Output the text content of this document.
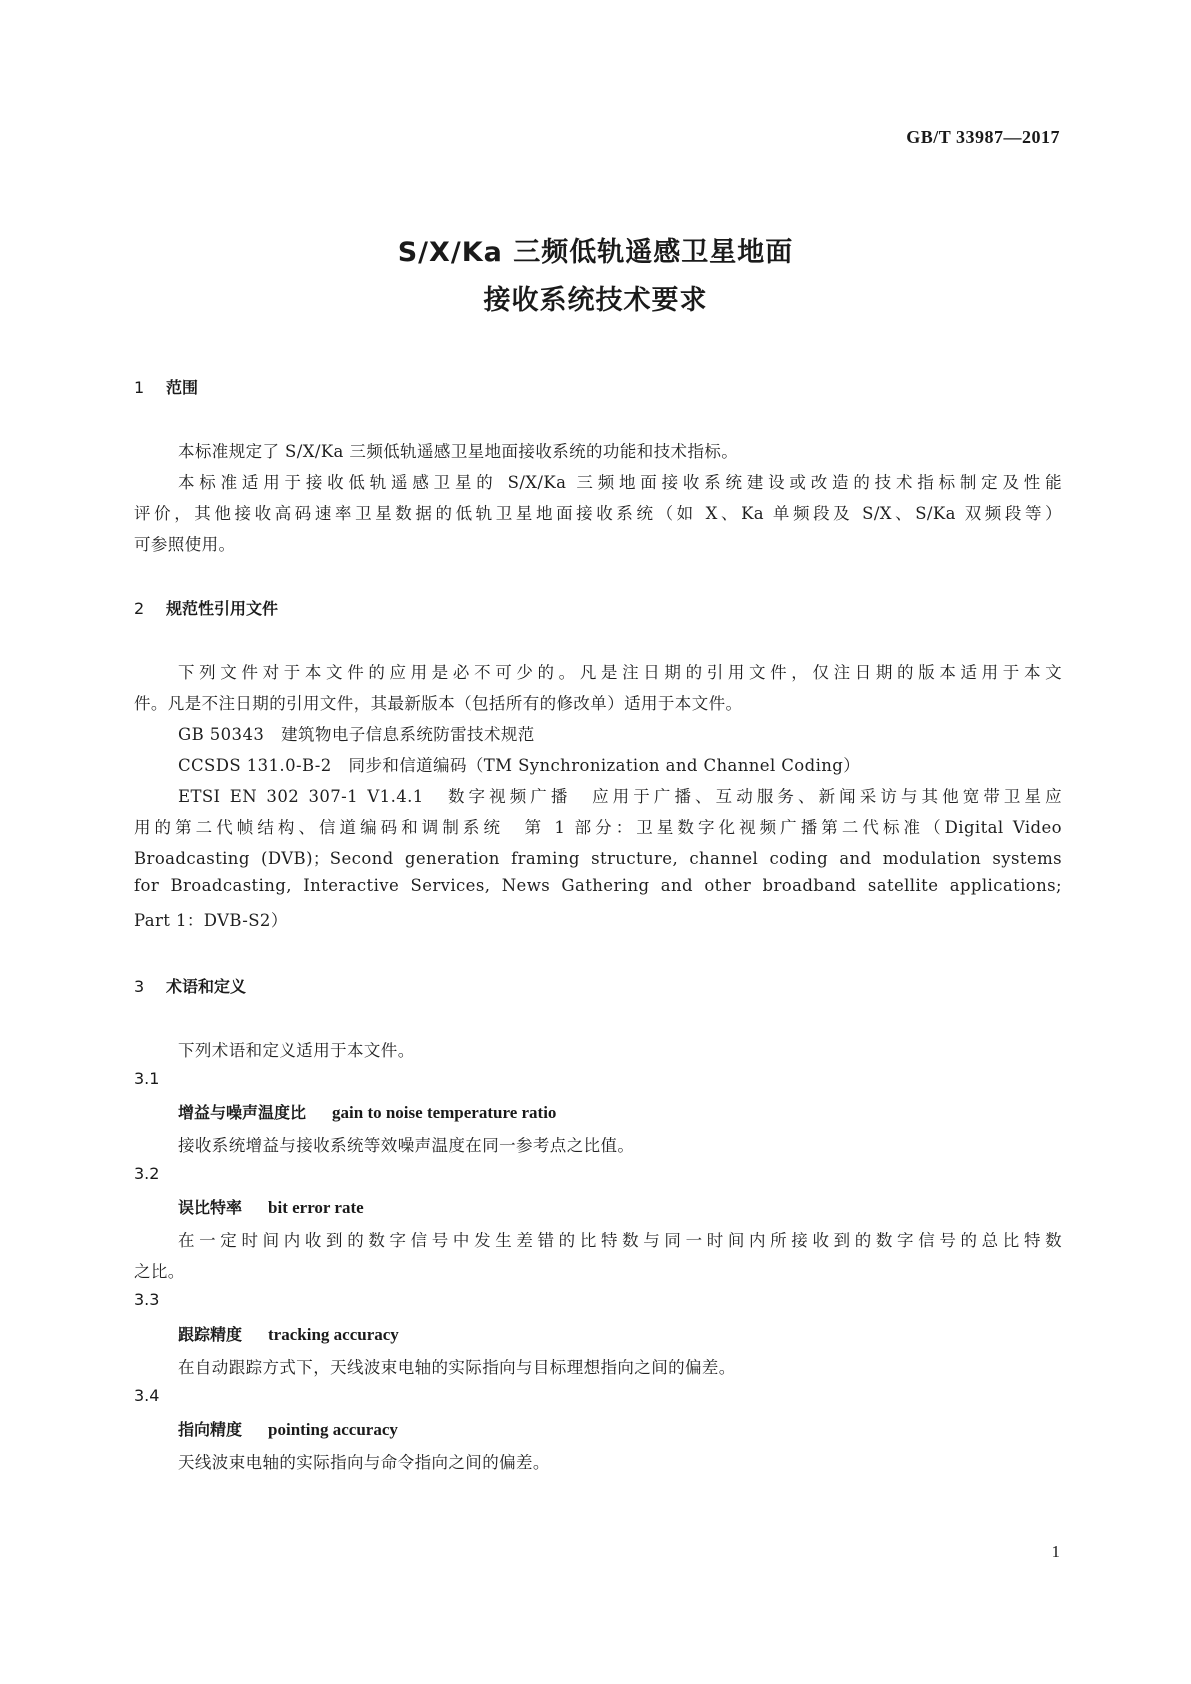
GB/T 33987—2017
S/X/Ka 三频低轨遥感卫星地面
接收系统技术要求
1 范围
本标准规定了 S/X/Ka 三频低轨遥感卫星地面接收系统的功能和技术指标。
本标准适用于接收低轨遥感卫星的 S/X/Ka 三频地面接收系统建设或改造的技术指标制定及性能
评价，其他接收高码速率卫星数据的低轨卫星地面接收系统（如 X、Ka 单频段及 S/X、S/Ka 双频段等）
可参照使用。
2 规范性引用文件
下列文件对于本文件的应用是必不可少的。凡是注日期的引用文件，仅注日期的版本适用于本文
件。凡是不注日期的引用文件，其最新版本（包括所有的修改单）适用于本文件。
GB 50343　建筑物电子信息系统防雷技术规范
CCSDS 131.0-B-2　同步和信道编码（TM Synchronization and Channel Coding）
ETSI EN 302 307-1 V1.4.1　数字视频广播　应用于广播、互动服务、新闻采访与其他宽带卫星应
用的第二代帧结构、信道编码和调制系统　第 1 部分：卫星数字化视频广播第二代标准（Digital Video
Broadcasting (DVB)；Second generation framing structure, channel coding and modulation systems
for Broadcasting, Interactive Services, News Gathering and other broadband satellite applications;
Part 1：DVB-S2）
3 术语和定义
下列术语和定义适用于本文件。
3.1
增益与噪声温度比 gain to noise temperature ratio
接收系统增益与接收系统等效噪声温度在同一参考点之比值。
3.2
误比特率 bit error rate
在一定时间内收到的数字信号中发生差错的比特数与同一时间内所接收到的数字信号的总比特数
之比。
3.3
跟踪精度 tracking accuracy
在自动跟踪方式下，天线波束电轴的实际指向与目标理想指向之间的偏差。
3.4
指向精度 pointing accuracy
天线波束电轴的实际指向与命令指向之间的偏差。
1
